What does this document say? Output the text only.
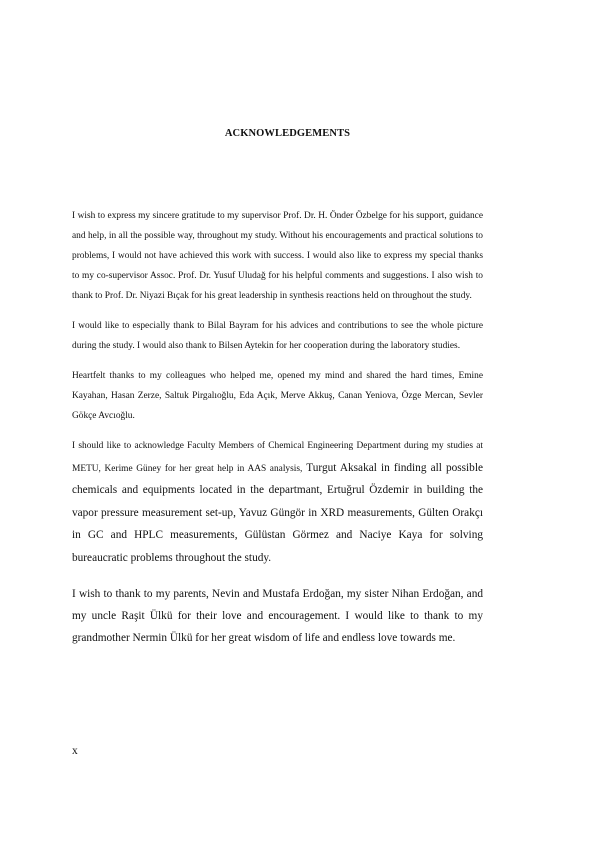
ACKNOWLEDGEMENTS

I wish to express my sincere gratitude to my supervisor Prof. Dr. H. Önder Özbelge for his support, guidance and help, in all the possible way, throughout my study. Without his encouragements and practical solutions to problems, I would not have achieved this work with success. I would also like to express my special thanks to my co-supervisor Assoc. Prof. Dr. Yusuf Uludağ for his helpful comments and suggestions. I also wish to thank to Prof. Dr. Niyazi Bıçak for his great leadership in synthesis reactions held on throughout the study.

I would like to especially thank to Bilal Bayram for his advices and contributions to see the whole picture during the study. I would also thank to Bilsen Aytekin for her cooperation during the laboratory studies.

Heartfelt thanks to my colleagues who helped me, opened my mind and shared the hard times, Emine Kayahan, Hasan Zerze, Saltuk Pirgalıoğlu, Eda Açık, Merve Akkuş, Canan Yeniova, Özge Mercan, Sevler Gökçe Avcıoğlu.

I should like to acknowledge Faculty Members of Chemical Engineering Department during my studies at METU, Kerime Güney for her great help in AAS analysis, Turgut Aksakal in finding all possible chemicals and equipments located in the departmant, Ertuğrul Özdemir in building the vapor pressure measurement set-up, Yavuz Güngör in XRD measurements, Gülten Orakçı in GC and HPLC measurements, Gülüstan Görmez and Naciye Kaya for solving bureaucratic problems throughout the study.

I wish to thank to my parents, Nevin and Mustafa Erdoğan, my sister Nihan Erdoğan, and my uncle Raşit Ülkü for their love and encouragement. I would like to thank to my grandmother Nermin Ülkü for her great wisdom of life and endless love towards me.

x
